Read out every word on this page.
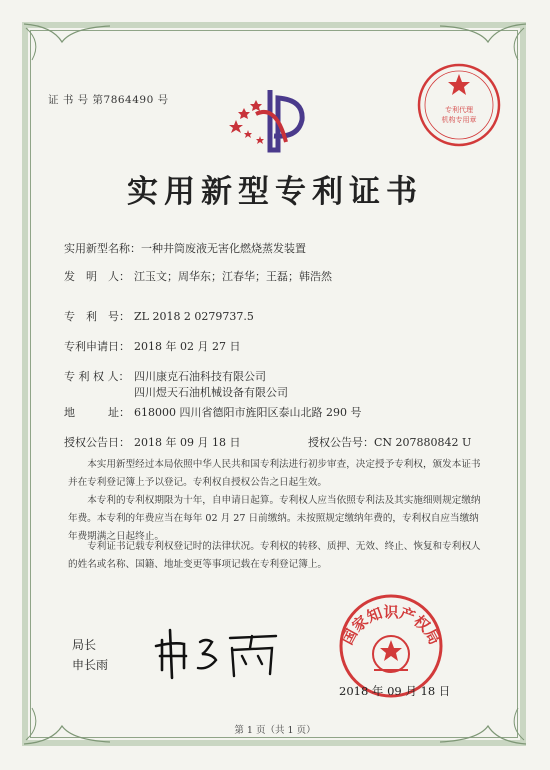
证 书 号 第7864490 号
专利代理
机构专用章
实用新型专利证书
实用新型名称：一种井筒废液无害化燃烧蒸发装置
发　明　人： 江玉文；周华东；江春华；王磊；韩浩然
专　利　号： ZL 2018 2 0279737.5
专利申请日： 2018 年 02 月 27 日
专 利 权 人： 四川康克石油科技有限公司
四川煜天石油机械设备有限公司
地　　　址： 618000 四川省德阳市旌阳区泰山北路 290 号
授权公告日： 2018 年 09 月 18 日	授权公告号：CN 207880842 U
本实用新型经过本局依照中华人民共和国专利法进行初步审查，决定授予专利权，颁发本证书并在专利登记簿上予以登记。专利权自授权公告之日起生效。
本专利的专利权期限为十年，自申请日起算。专利权人应当依照专利法及其实施细则规定缴纳年费。本专利的年费应当在每年 02 月 27 日前缴纳。未按照规定缴纳年费的，专利权自应当缴纳年费期满之日起终止。
专利证书记载专利权登记时的法律状况。专利权的转移、质押、无效、终止、恢复和专利权人的姓名或名称、国籍、地址变更等事项记载在专利登记簿上。
局长
申长雨
国家知识产权局
2018 年 09 月 18 日
第 1 页（共 1 页）
